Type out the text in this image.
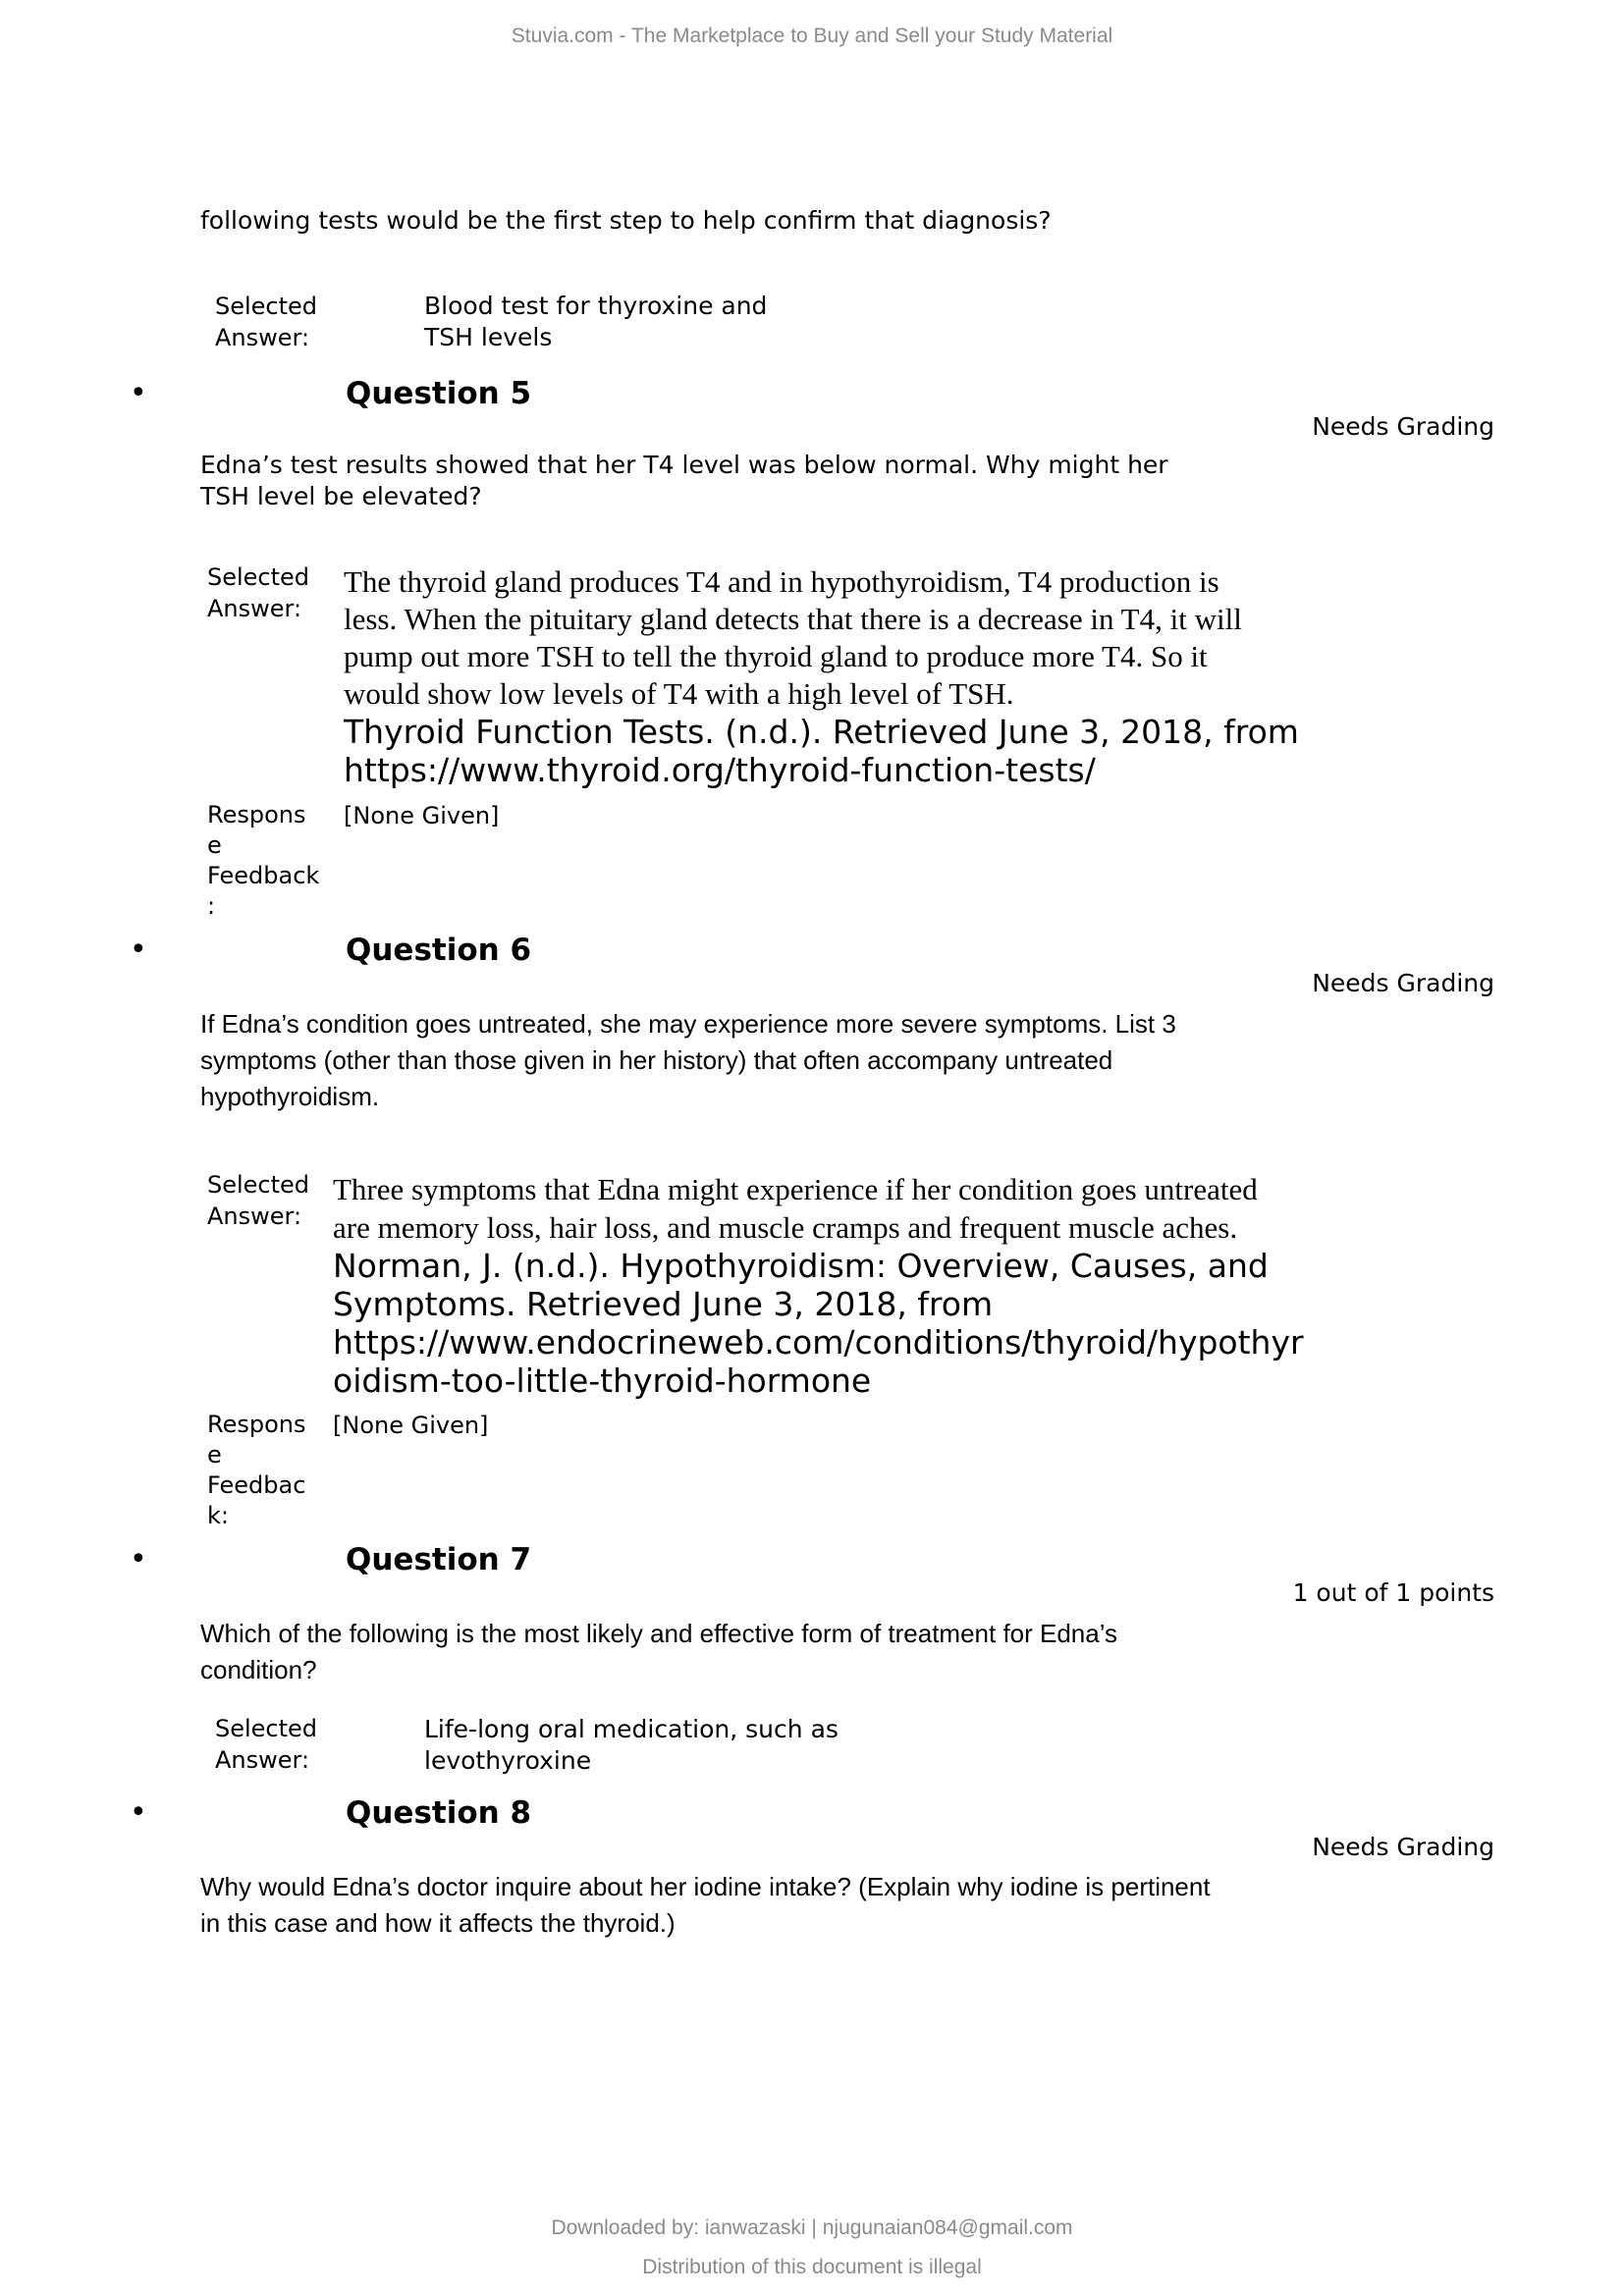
Stuvia.com - The Marketplace to Buy and Sell your Study Material
following tests would be the first step to help confirm that diagnosis?
Selected
Answer:
Blood test for thyroxine and
TSH levels
•	Question 5
Needs Grading
Edna’s test results showed that her T4 level was below normal. Why might her
TSH level be elevated?
Selected
Answer:
The thyroid gland produces T4 and in hypothyroidism, T4 production is
less. When the pituitary gland detects that there is a decrease in T4, it will
pump out more TSH to tell the thyroid gland to produce more T4. So it
would show low levels of T4 with a high level of TSH.
Thyroid Function Tests. (n.d.). Retrieved June 3, 2018, from
https://www.thyroid.org/thyroid-function-tests/
Respons
e
Feedback
:
[None Given]
•	Question 6
Needs Grading
If Edna’s condition goes untreated, she may experience more severe symptoms. List 3
symptoms (other than those given in her history) that often accompany untreated
hypothyroidism.
Selected
Answer:
Three symptoms that Edna might experience if her condition goes untreated
are memory loss, hair loss, and muscle cramps and frequent muscle aches.
Norman, J. (n.d.). Hypothyroidism: Overview, Causes, and
Symptoms. Retrieved June 3, 2018, from
https://www.endocrineweb.com/conditions/thyroid/hypothyr
oidism-too-little-thyroid-hormone
Respons
e
Feedbac
k:
[None Given]
•	Question 7
1 out of 1 points
Which of the following is the most likely and effective form of treatment for Edna’s
condition?
Selected
Answer:
Life-long oral medication, such as
levothyroxine
•	Question 8
Needs Grading
Why would Edna’s doctor inquire about her iodine intake? (Explain why iodine is pertinent
in this case and how it affects the thyroid.)
Downloaded by: ianwazaski | njugunaian084@gmail.com
Distribution of this document is illegal
